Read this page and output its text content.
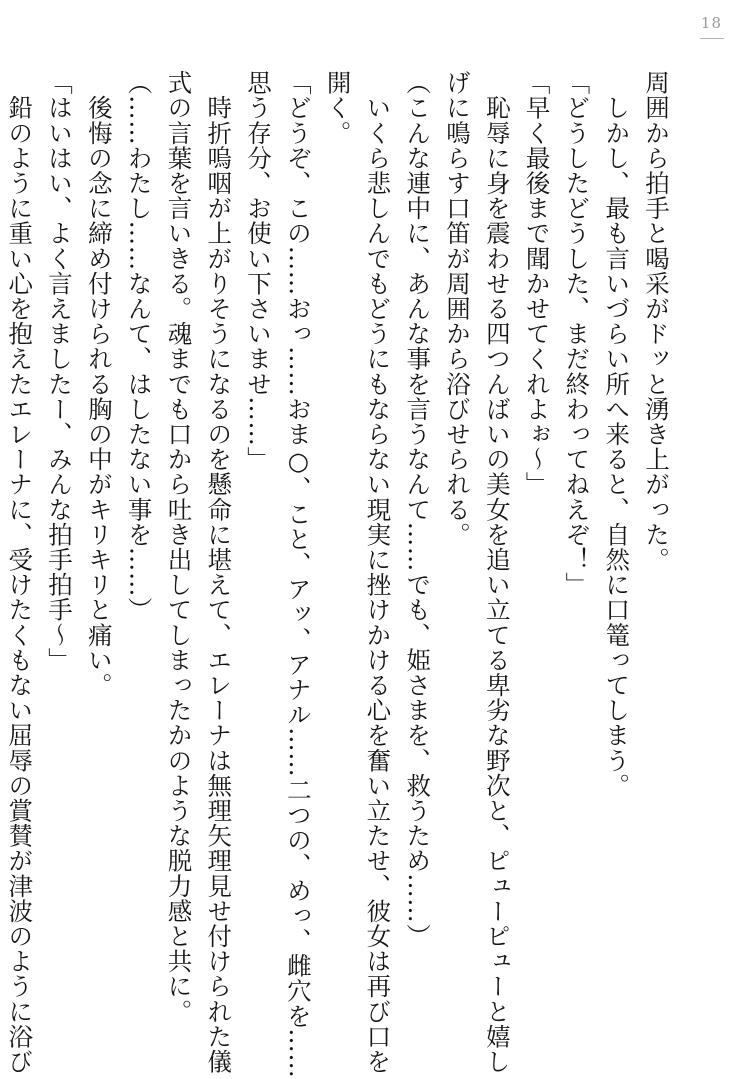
18
周囲から拍手と喝采がドッと湧き上がった。
　しかし、最も言いづらい所へ来ると、自然に口篭ってしまう。
「どうしたどうした、まだ終わってねえぞ！」
「早く最後まで聞かせてくれよぉ〜」
　恥辱に身を震わせる四つんばいの美女を追い立てる卑劣な野次と、ピューピューと嬉し
げに鳴らす口笛が周囲から浴びせられる。
（こんな連中に、あんな事を言うなんて……でも、姫さまを、救うため……）
　いくら悲しんでもどうにもならない現実に挫けかける心を奮い立たせ、彼女は再び口を
開く。
「どうぞ、この……おっ……おま○、こと、アッ、アナル……二つの、めっ、雌穴を……
思う存分、お使い下さいませ……」
　時折嗚咽が上がりそうになるのを懸命に堪えて、エレーナは無理矢理見せ付けられた儀
式の言葉を言いきる。魂までも口から吐き出してしまったかのような脱力感と共に。
（……わたし……なんて、はしたない事を……）
　後悔の念に締め付けられる胸の中がキリキリと痛い。
「はいはい、よく言えましたー、みんな拍手拍手〜」
　鉛のように重い心を抱えたエレーナに、受けたくもない屈辱の賞賛が津波のように浴び
